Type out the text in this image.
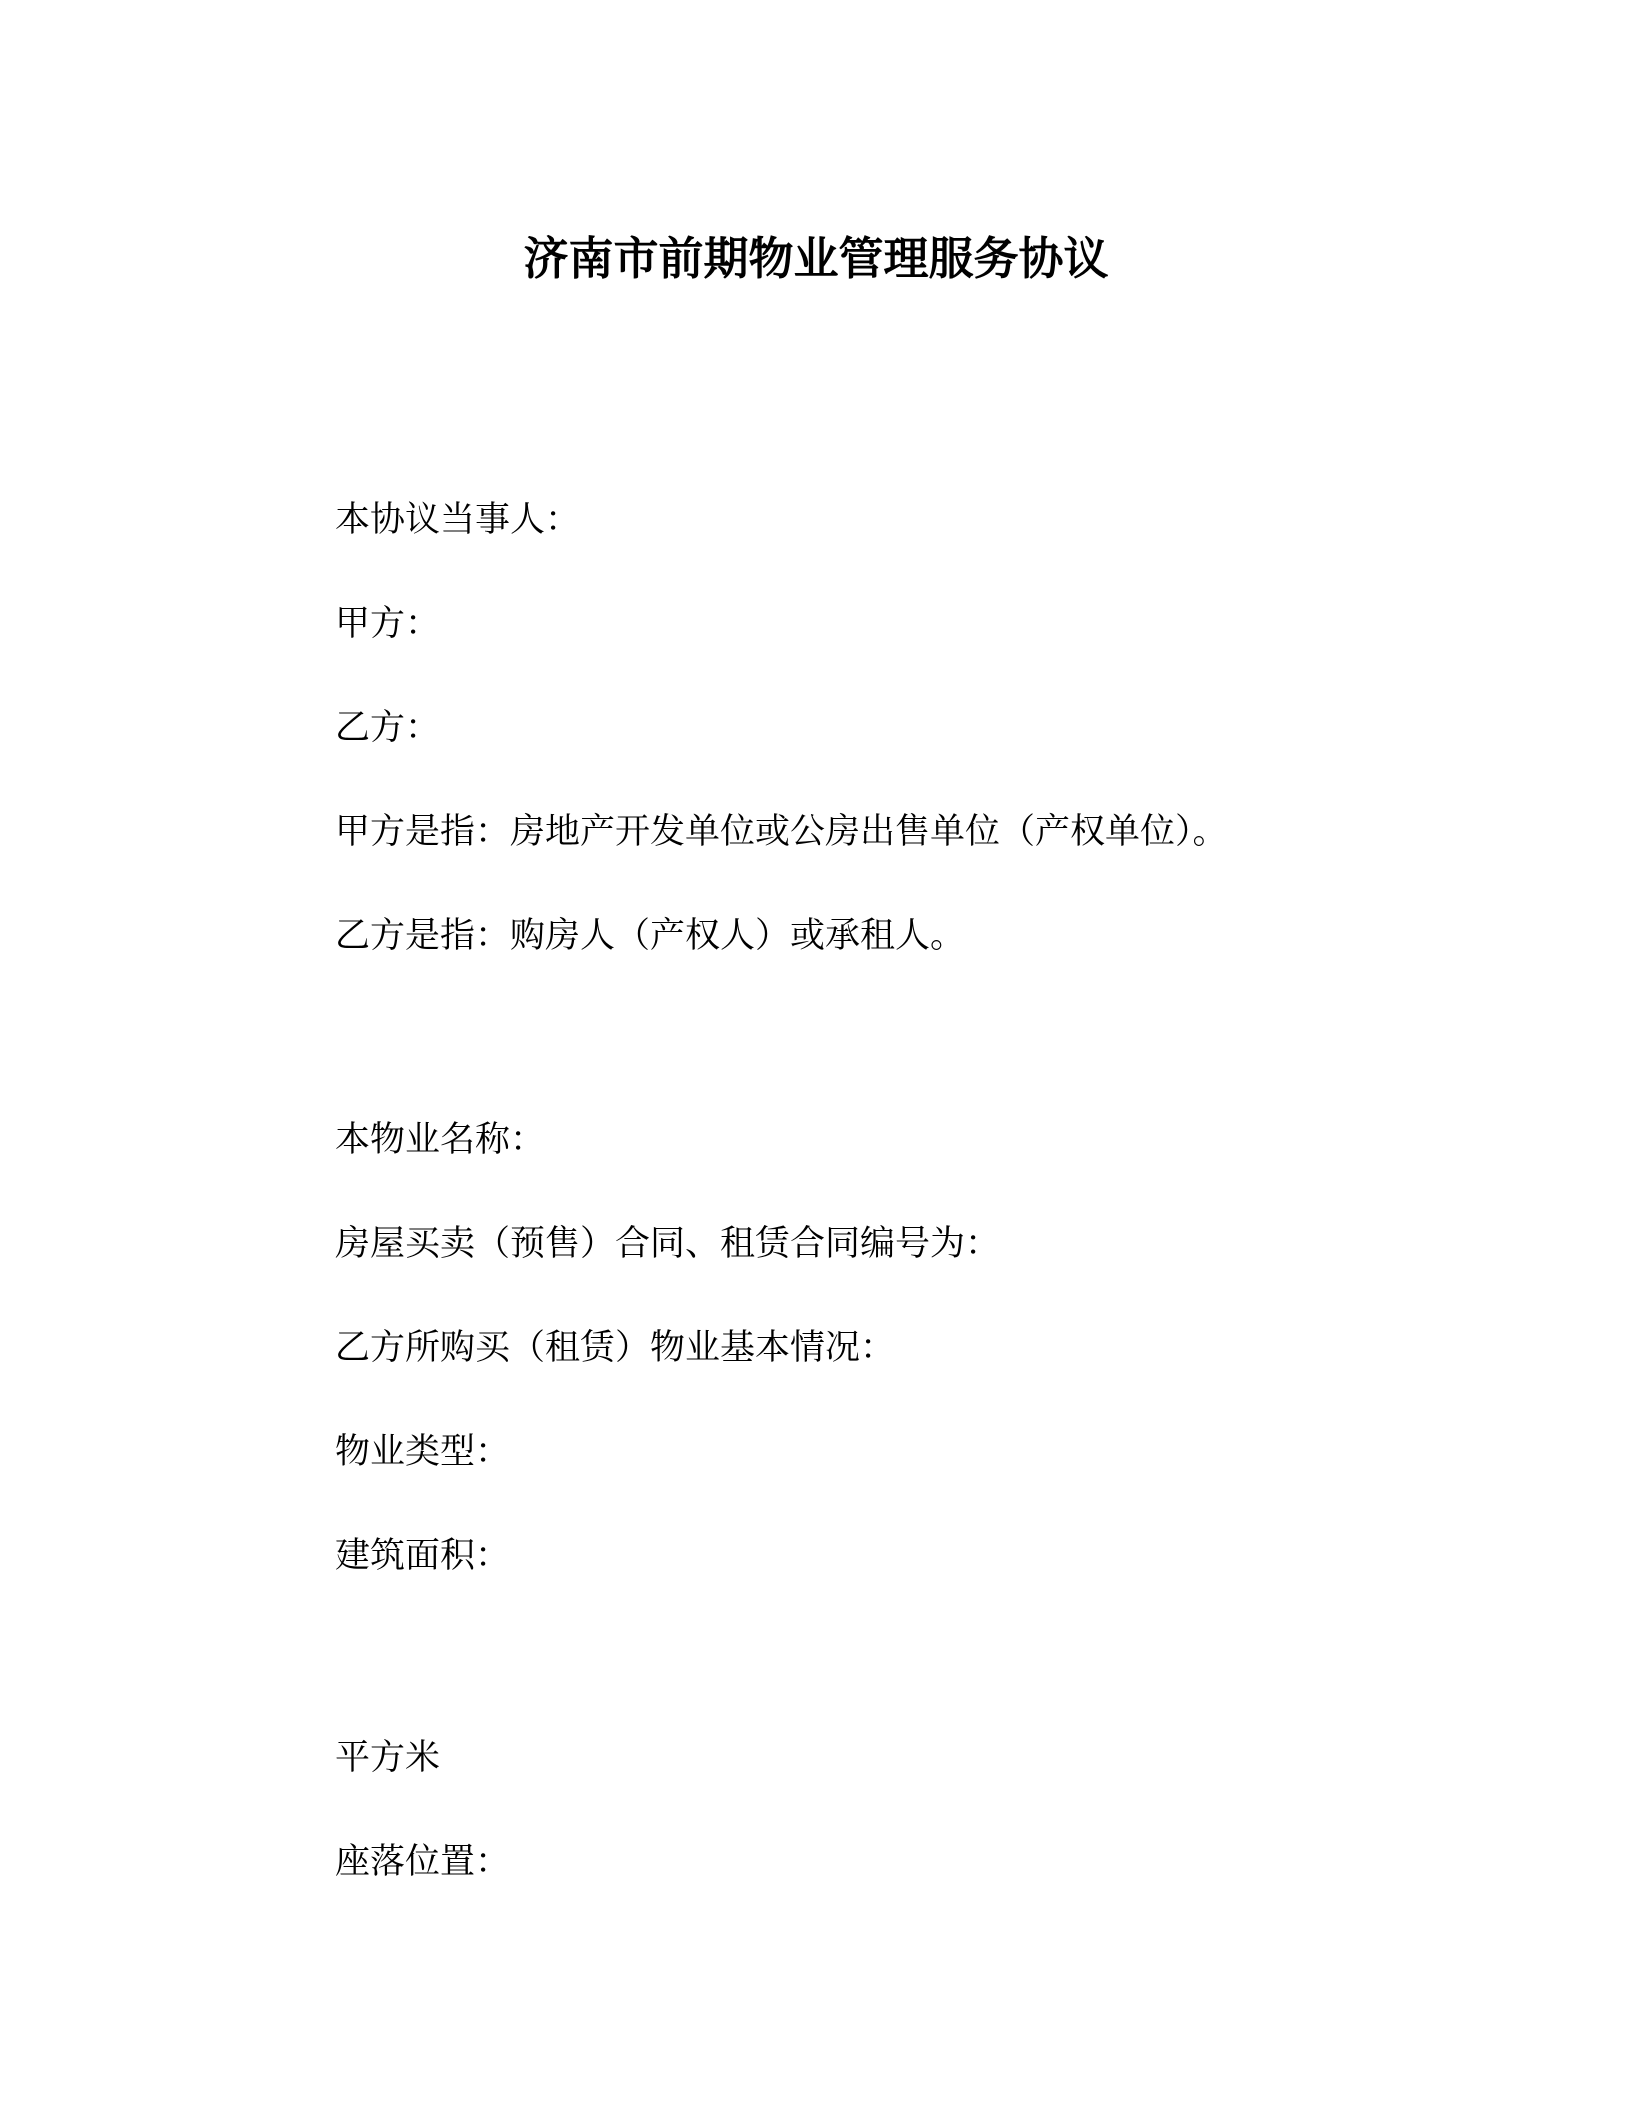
济南市前期物业管理服务协议
本协议当事人：
甲方：
乙方：
甲方是指：房地产开发单位或公房出售单位（产权单位）。
乙方是指：购房人（产权人）或承租人。
本物业名称：
房屋买卖（预售）合同、租赁合同编号为：
乙方所购买（租赁）物业基本情况：
物业类型：
建筑面积：
平方米
座落位置：
